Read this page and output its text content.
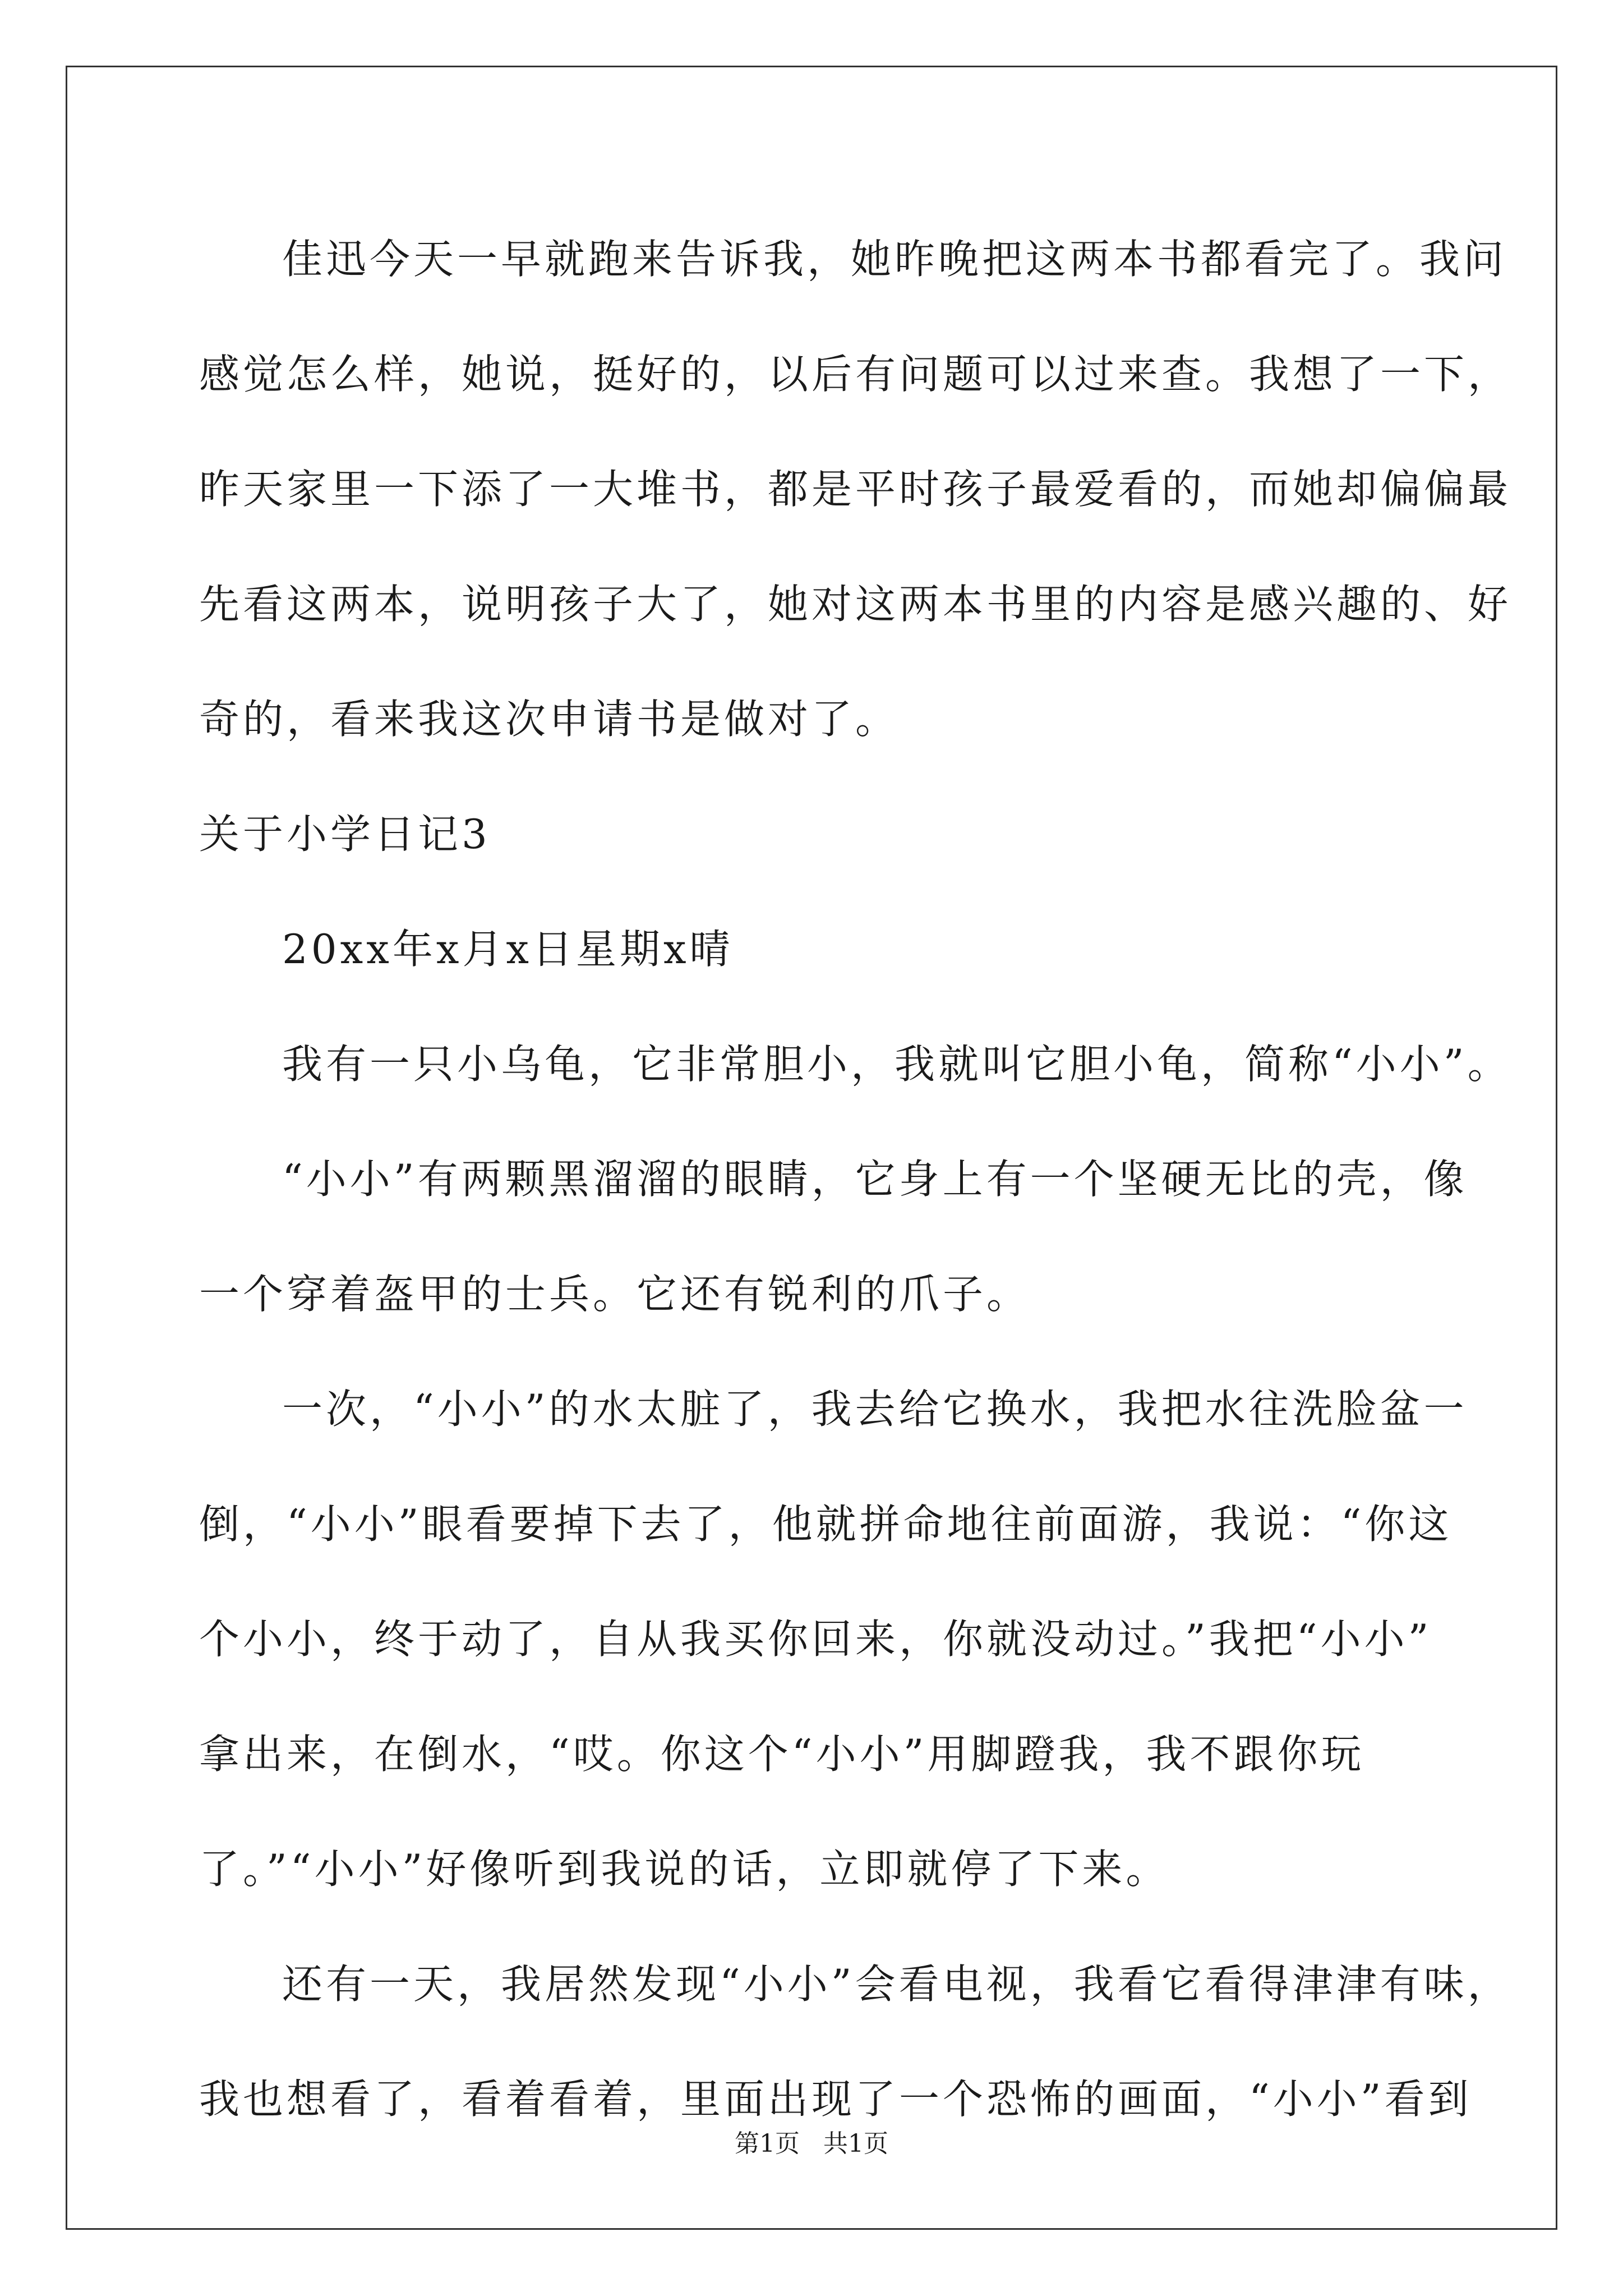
佳迅今天一早就跑来告诉我，她昨晚把这两本书都看完了。我问
感觉怎么样，她说，挺好的，以后有问题可以过来查。我想了一下，
昨天家里一下添了一大堆书，都是平时孩子最爱看的，而她却偏偏最
先看这两本，说明孩子大了，她对这两本书里的内容是感兴趣的、好
奇的，看来我这次申请书是做对了。
关于小学日记3
20xx年x月x日星期x晴
我有一只小乌龟，它非常胆小，我就叫它胆小龟，简称“小小”。
“小小”有两颗黑溜溜的眼睛，它身上有一个坚硬无比的壳，像
一个穿着盔甲的士兵。它还有锐利的爪子。
一次，“小小”的水太脏了，我去给它换水，我把水往洗脸盆一
倒，“小小”眼看要掉下去了，他就拼命地往前面游，我说：“你这
个小小，终于动了，自从我买你回来，你就没动过。”我把“小小”
拿出来，在倒水，“哎。你这个“小小”用脚蹬我，我不跟你玩
了。”“小小”好像听到我说的话，立即就停了下来。
还有一天，我居然发现“小小”会看电视，我看它看得津津有味，
我也想看了，看着看着，里面出现了一个恐怖的画面，“小小”看到
第1页 共1页
